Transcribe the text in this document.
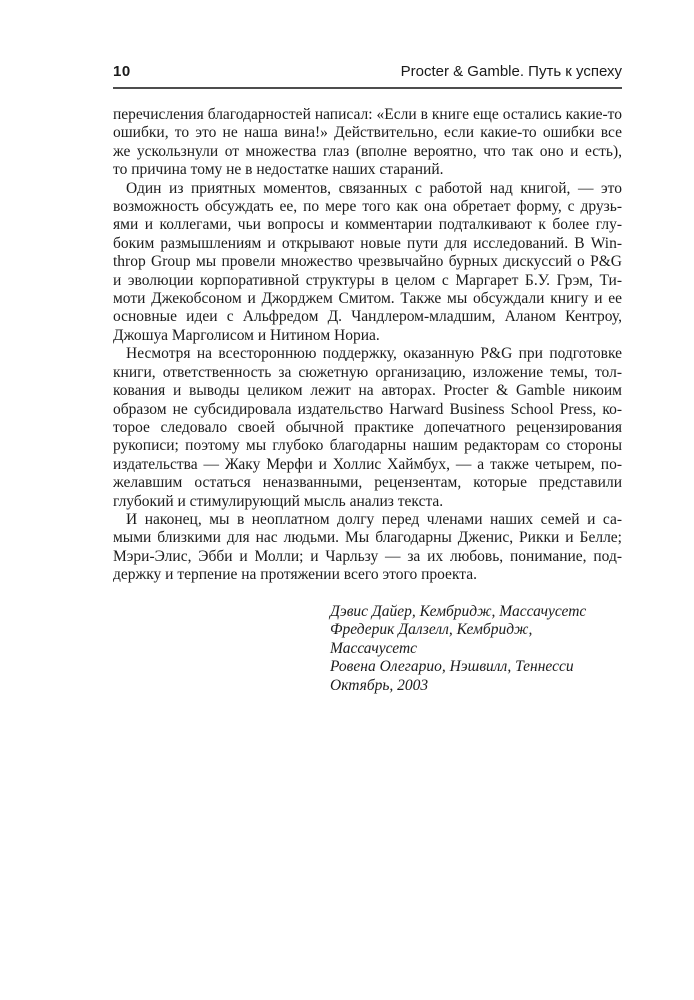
10	Procter & Gamble. Путь к успеху
перечисления благодарностей написал: «Если в книге еще остались какие-то
ошибки, то это не наша вина!» Действительно, если какие-то ошибки все
же ускользнули от множества глаз (вполне вероятно, что так оно и есть),
то причина тому не в недостатке наших стараний.
Один из приятных моментов, связанных с работой над книгой, — это
возможность обсуждать ее, по мере того как она обретает форму, с друзь-
ями и коллегами, чьи вопросы и комментарии подталкивают к более глу-
боким размышлениям и открывают новые пути для исследований. В Win-
throp Group мы провели множество чрезвычайно бурных дискуссий о P&G
и эволюции корпоративной структуры в целом с Маргарет Б.У. Грэм, Ти-
моти Джекобсоном и Джорджем Смитом. Также мы обсуждали книгу и ее
основные идеи с Альфредом Д. Чандлером-младшим, Аланом Кентроу,
Джошуа Марголисом и Нитином Нориа.
Несмотря на всестороннюю поддержку, оказанную P&G при подготовке
книги, ответственность за сюжетную организацию, изложение темы, тол-
кования и выводы целиком лежит на авторах. Procter & Gamble никоим
образом не субсидировала издательство Harward Business School Press, ко-
торое следовало своей обычной практике допечатного рецензирования
рукописи; поэтому мы глубоко благодарны нашим редакторам со стороны
издательства — Жаку Мерфи и Холлис Хаймбух, — а также четырем, по-
желавшим остаться неназванными, рецензентам, которые представили
глубокий и стимулирующий мысль анализ текста.
И наконец, мы в неоплатном долгу перед членами наших семей и са-
мыми близкими для нас людьми. Мы благодарны Дженис, Рикки и Белле;
Мэри-Элис, Эбби и Молли; и Чарльзу — за их любовь, понимание, под-
держку и терпение на протяжении всего этого проекта.
Дэвис Дайер, Кембридж, Массачусетс
Фредерик Далзелл, Кембридж, Массачусетс
Ровена Олегарио, Нэшвилл, Теннесси
Октябрь, 2003
